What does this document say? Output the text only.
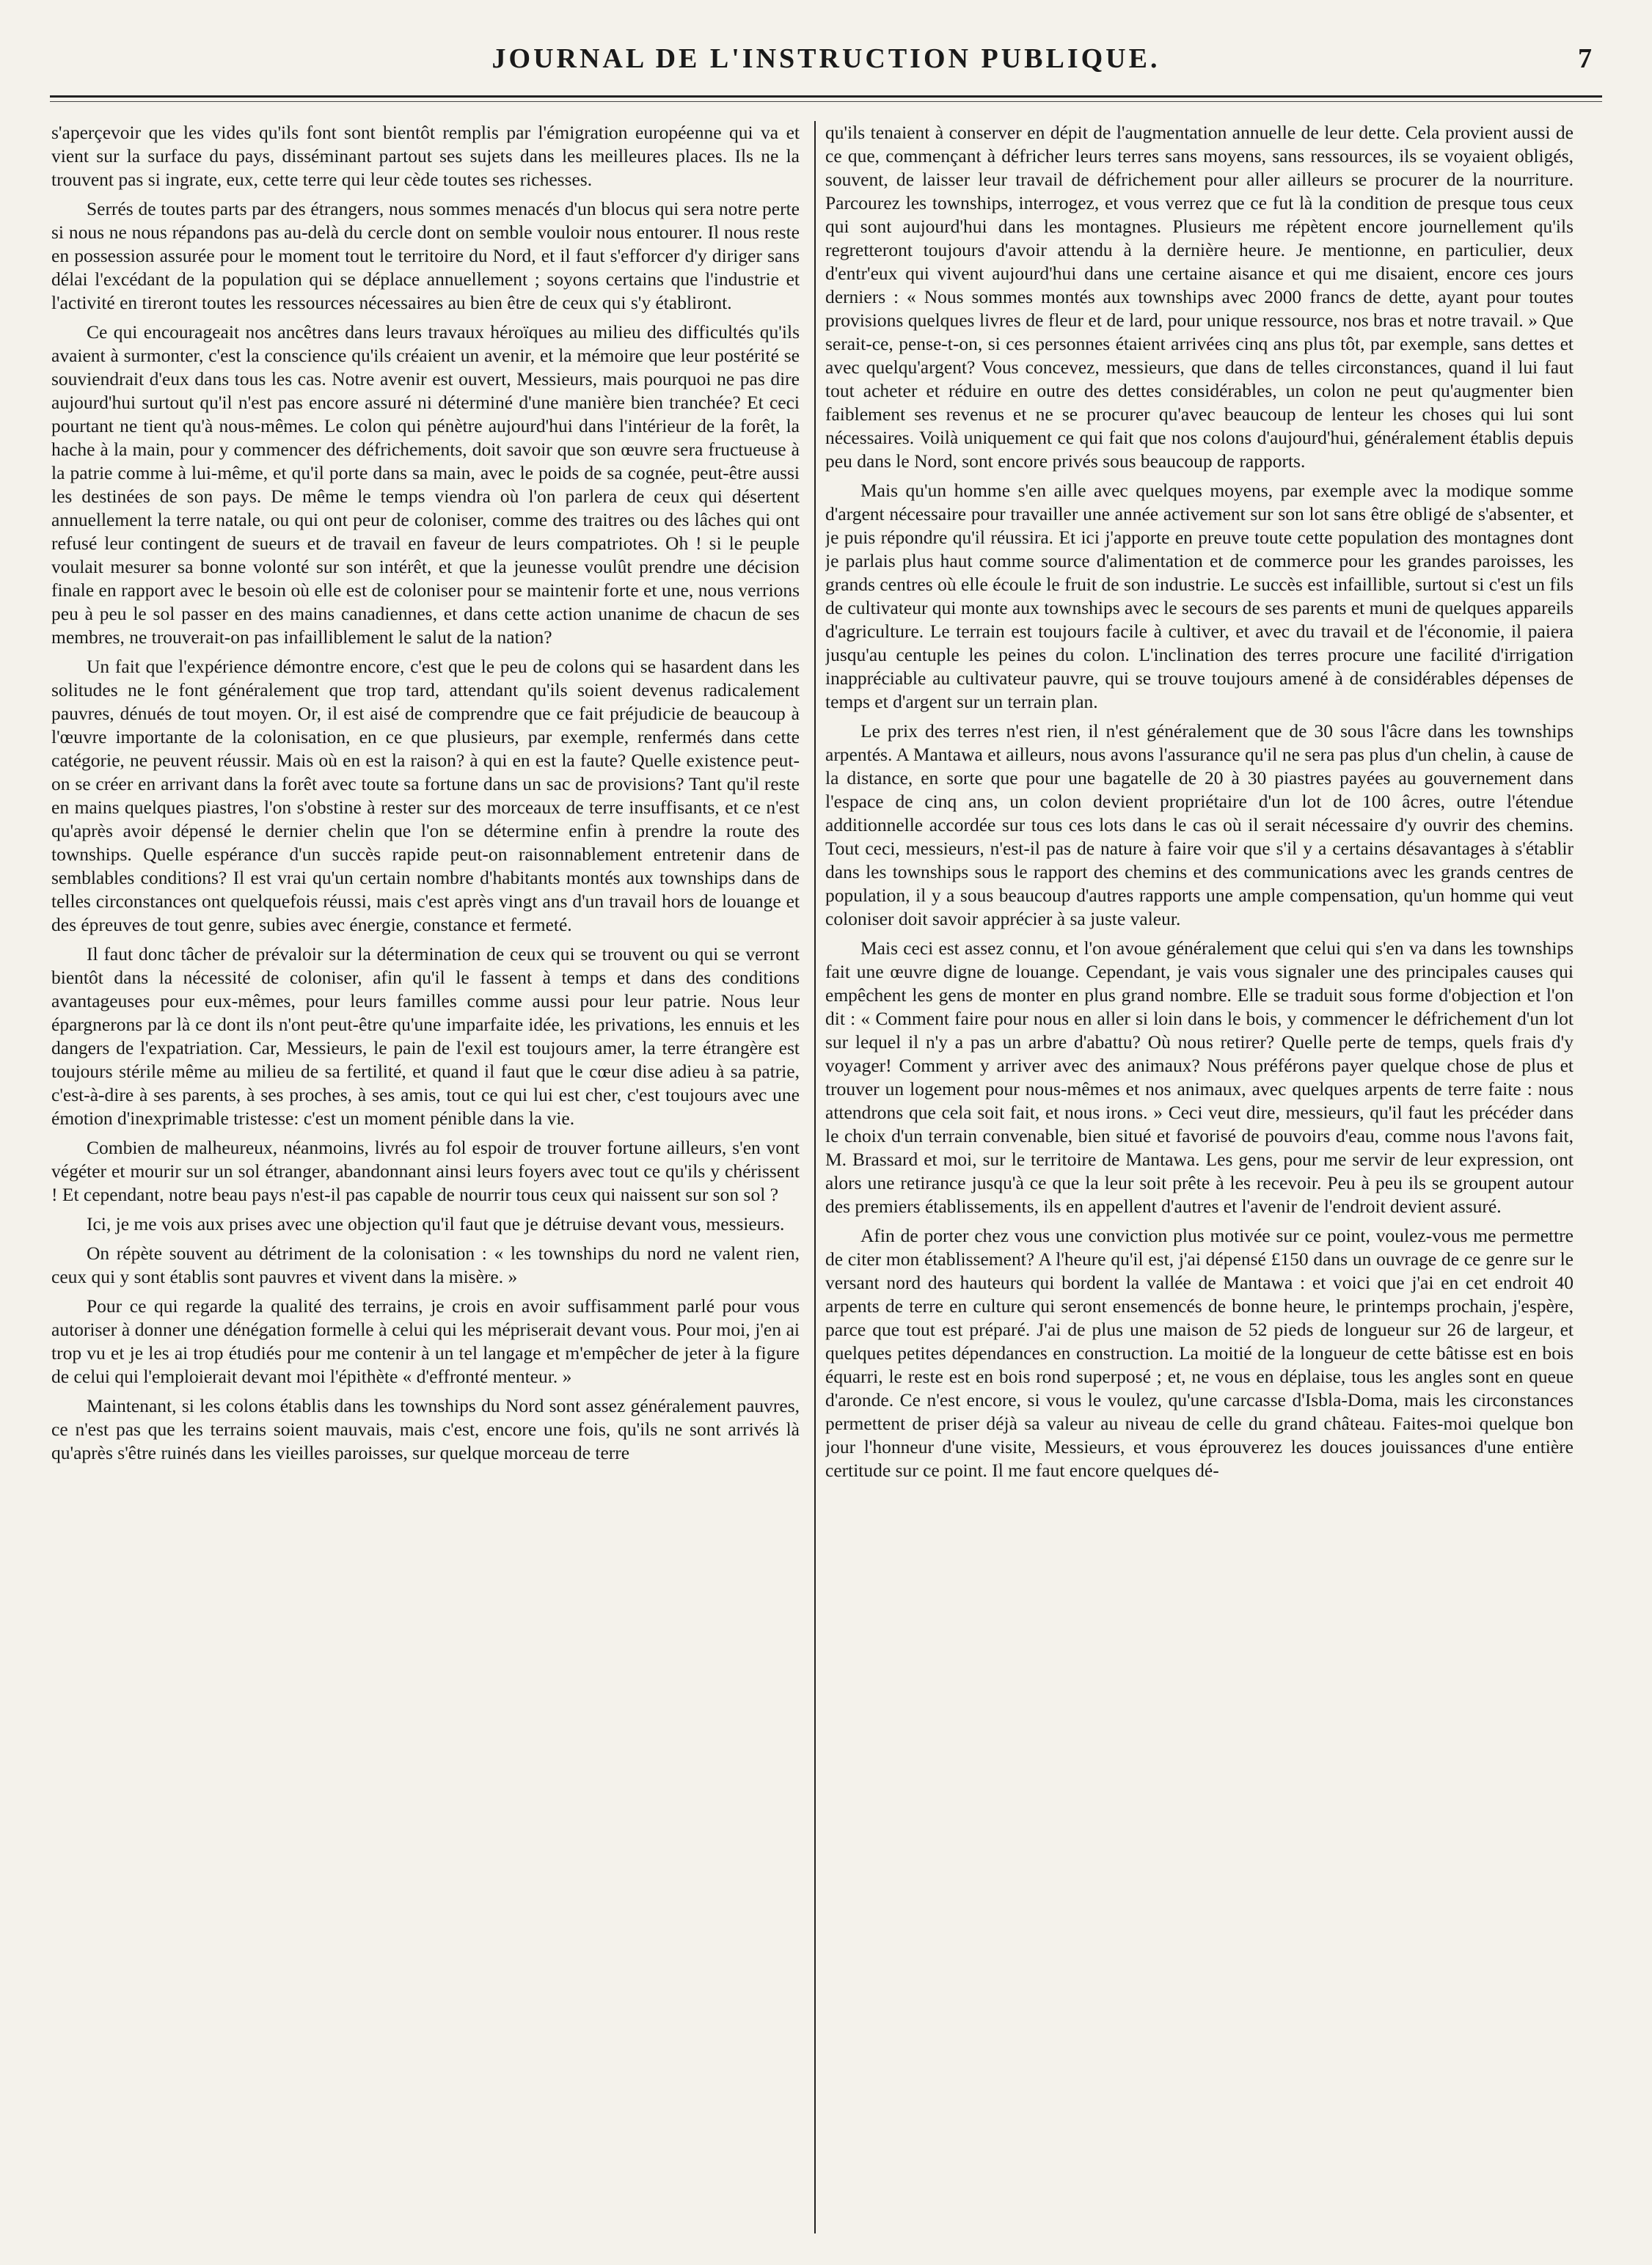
JOURNAL DE L'INSTRUCTION PUBLIQUE.	7

s'aperçevoir que les vides qu'ils font sont bientôt remplis par l'émigration européenne qui va et vient sur la surface du pays, disséminant partout ses sujets dans les meilleures places. Ils ne la trouvent pas si ingrate, eux, cette terre qui leur cède toutes ses richesses.

Serrés de toutes parts par des étrangers, nous sommes menacés d'un blocus qui sera notre perte si nous ne nous répandons pas au-delà du cercle dont on semble vouloir nous entourer. Il nous reste en possession assurée pour le moment tout le territoire du Nord, et il faut s'efforcer d'y diriger sans délai l'excédant de la population qui se déplace annuellement ; soyons certains que l'industrie et l'activité en tireront toutes les ressources nécessaires au bien être de ceux qui s'y établiront.

Ce qui encourageait nos ancêtres dans leurs travaux héroïques au milieu des difficultés qu'ils avaient à surmonter, c'est la conscience qu'ils créaient un avenir, et la mémoire que leur postérité se souviendrait d'eux dans tous les cas. Notre avenir est ouvert, Messieurs, mais pourquoi ne pas dire aujourd'hui surtout qu'il n'est pas encore assuré ni déterminé d'une manière bien tranchée? Et ceci pourtant ne tient qu'à nous-mêmes. Le colon qui pénètre aujourd'hui dans l'intérieur de la forêt, la hache à la main, pour y commencer des défrichements, doit savoir que son œuvre sera fructueuse à la patrie comme à lui-même, et qu'il porte dans sa main, avec le poids de sa cognée, peut-être aussi les destinées de son pays. De même le temps viendra où l'on parlera de ceux qui désertent annuellement la terre natale, ou qui ont peur de coloniser, comme des traitres ou des lâches qui ont refusé leur contingent de sueurs et de travail en faveur de leurs compatriotes. Oh ! si le peuple voulait mesurer sa bonne volonté sur son intérêt, et que la jeunesse voulût prendre une décision finale en rapport avec le besoin où elle est de coloniser pour se maintenir forte et une, nous verrions peu à peu le sol passer en des mains canadiennes, et dans cette action unanime de chacun de ses membres, ne trouverait-on pas infailliblement le salut de la nation?

Un fait que l'expérience démontre encore, c'est que le peu de colons qui se hasardent dans les solitudes ne le font généralement que trop tard, attendant qu'ils soient devenus radicalement pauvres, dénués de tout moyen. Or, il est aisé de comprendre que ce fait préjudicie de beaucoup à l'œuvre importante de la colonisation, en ce que plusieurs, par exemple, renfermés dans cette catégorie, ne peuvent réussir. Mais où en est la raison? à qui en est la faute? Quelle existence peut-on se créer en arrivant dans la forêt avec toute sa fortune dans un sac de provisions? Tant qu'il reste en mains quelques piastres, l'on s'obstine à rester sur des morceaux de terre insuffisants, et ce n'est qu'après avoir dépensé le dernier chelin que l'on se détermine enfin à prendre la route des townships. Quelle espérance d'un succès rapide peut-on raisonnablement entretenir dans de semblables conditions? Il est vrai qu'un certain nombre d'habitants montés aux townships dans de telles circonstances ont quelquefois réussi, mais c'est après vingt ans d'un travail hors de louange et des épreuves de tout genre, subies avec énergie, constance et fermeté.

Il faut donc tâcher de prévaloir sur la détermination de ceux qui se trouvent ou qui se verront bientôt dans la nécessité de coloniser, afin qu'il le fassent à temps et dans des conditions avantageuses pour eux-mêmes, pour leurs familles comme aussi pour leur patrie. Nous leur épargnerons par là ce dont ils n'ont peut-être qu'une imparfaite idée, les privations, les ennuis et les dangers de l'expatriation. Car, Messieurs, le pain de l'exil est toujours amer, la terre étrangère est toujours stérile même au milieu de sa fertilité, et quand il faut que le cœur dise adieu à sa patrie, c'est-à-dire à ses parents, à ses proches, à ses amis, tout ce qui lui est cher, c'est toujours avec une émotion d'inexprimable tristesse: c'est un moment pénible dans la vie.

Combien de malheureux, néanmoins, livrés au fol espoir de trouver fortune ailleurs, s'en vont végéter et mourir sur un sol étranger, abandonnant ainsi leurs foyers avec tout ce qu'ils y chérissent ! Et cependant, notre beau pays n'est-il pas capable de nourrir tous ceux qui naissent sur son sol ?

Ici, je me vois aux prises avec une objection qu'il faut que je détruise devant vous, messieurs.

On répète souvent au détriment de la colonisation : « les townships du nord ne valent rien, ceux qui y sont établis sont pauvres et vivent dans la misère. »

Pour ce qui regarde la qualité des terrains, je crois en avoir suffisamment parlé pour vous autoriser à donner une dénégation formelle à celui qui les mépriserait devant vous. Pour moi, j'en ai trop vu et je les ai trop étudiés pour me contenir à un tel langage et m'empêcher de jeter à la figure de celui qui l'emploierait devant moi l'épithète « d'effronté menteur. »

Maintenant, si les colons établis dans les townships du Nord sont assez généralement pauvres, ce n'est pas que les terrains soient mauvais, mais c'est, encore une fois, qu'ils ne sont arrivés là qu'après s'être ruinés dans les vieilles paroisses, sur quelque morceau de terre

qu'ils tenaient à conserver en dépit de l'augmentation annuelle de leur dette. Cela provient aussi de ce que, commençant à défricher leurs terres sans moyens, sans ressources, ils se voyaient obligés, souvent, de laisser leur travail de défrichement pour aller ailleurs se procurer de la nourriture. Parcourez les townships, interrogez, et vous verrez que ce fut là la condition de presque tous ceux qui sont aujourd'hui dans les montagnes. Plusieurs me répètent encore journellement qu'ils regretteront toujours d'avoir attendu à la dernière heure. Je mentionne, en particulier, deux d'entr'eux qui vivent aujourd'hui dans une certaine aisance et qui me disaient, encore ces jours derniers : « Nous sommes montés aux townships avec 2000 francs de dette, ayant pour toutes provisions quelques livres de fleur et de lard, pour unique ressource, nos bras et notre travail. » Que serait-ce, pense-t-on, si ces personnes étaient arrivées cinq ans plus tôt, par exemple, sans dettes et avec quelqu'argent? Vous concevez, messieurs, que dans de telles circonstances, quand il lui faut tout acheter et réduire en outre des dettes considérables, un colon ne peut qu'augmenter bien faiblement ses revenus et ne se procurer qu'avec beaucoup de lenteur les choses qui lui sont nécessaires. Voilà uniquement ce qui fait que nos colons d'aujourd'hui, généralement établis depuis peu dans le Nord, sont encore privés sous beaucoup de rapports.

Mais qu'un homme s'en aille avec quelques moyens, par exemple avec la modique somme d'argent nécessaire pour travailler une année activement sur son lot sans être obligé de s'absenter, et je puis répondre qu'il réussira. Et ici j'apporte en preuve toute cette population des montagnes dont je parlais plus haut comme source d'alimentation et de commerce pour les grandes paroisses, les grands centres où elle écoule le fruit de son industrie. Le succès est infaillible, surtout si c'est un fils de cultivateur qui monte aux townships avec le secours de ses parents et muni de quelques appareils d'agriculture. Le terrain est toujours facile à cultiver, et avec du travail et de l'économie, il paiera jusqu'au centuple les peines du colon. L'inclination des terres procure une facilité d'irrigation inappréciable au cultivateur pauvre, qui se trouve toujours amené à de considérables dépenses de temps et d'argent sur un terrain plan.

Le prix des terres n'est rien, il n'est généralement que de 30 sous l'âcre dans les townships arpentés. A Mantawa et ailleurs, nous avons l'assurance qu'il ne sera pas plus d'un chelin, à cause de la distance, en sorte que pour une bagatelle de 20 à 30 piastres payées au gouvernement dans l'espace de cinq ans, un colon devient propriétaire d'un lot de 100 âcres, outre l'étendue additionnelle accordée sur tous ces lots dans le cas où il serait nécessaire d'y ouvrir des chemins. Tout ceci, messieurs, n'est-il pas de nature à faire voir que s'il y a certains désavantages à s'établir dans les townships sous le rapport des chemins et des communications avec les grands centres de population, il y a sous beaucoup d'autres rapports une ample compensation, qu'un homme qui veut coloniser doit savoir apprécier à sa juste valeur.

Mais ceci est assez connu, et l'on avoue généralement que celui qui s'en va dans les townships fait une œuvre digne de louange. Cependant, je vais vous signaler une des principales causes qui empêchent les gens de monter en plus grand nombre. Elle se traduit sous forme d'objection et l'on dit : « Comment faire pour nous en aller si loin dans le bois, y commencer le défrichement d'un lot sur lequel il n'y a pas un arbre d'abattu? Où nous retirer? Quelle perte de temps, quels frais d'y voyager! Comment y arriver avec des animaux? Nous préférons payer quelque chose de plus et trouver un logement pour nous-mêmes et nos animaux, avec quelques arpents de terre faite : nous attendrons que cela soit fait, et nous irons. » Ceci veut dire, messieurs, qu'il faut les précéder dans le choix d'un terrain convenable, bien situé et favorisé de pouvoirs d'eau, comme nous l'avons fait, M. Brassard et moi, sur le territoire de Mantawa. Les gens, pour me servir de leur expression, ont alors une retirance jusqu'à ce que la leur soit prête à les recevoir. Peu à peu ils se groupent autour des premiers établissements, ils en appellent d'autres et l'avenir de l'endroit devient assuré.

Afin de porter chez vous une conviction plus motivée sur ce point, voulez-vous me permettre de citer mon établissement? A l'heure qu'il est, j'ai dépensé £150 dans un ouvrage de ce genre sur le versant nord des hauteurs qui bordent la vallée de Mantawa : et voici que j'ai en cet endroit 40 arpents de terre en culture qui seront ensemencés de bonne heure, le printemps prochain, j'espère, parce que tout est préparé. J'ai de plus une maison de 52 pieds de longueur sur 26 de largeur, et quelques petites dépendances en construction. La moitié de la longueur de cette bâtisse est en bois équarri, le reste est en bois rond superposé ; et, ne vous en déplaise, tous les angles sont en queue d'aronde. Ce n'est encore, si vous le voulez, qu'une carcasse d'Isbla-Doma, mais les circonstances permettent de priser déjà sa valeur au niveau de celle du grand château. Faites-moi quelque bon jour l'honneur d'une visite, Messieurs, et vous éprouverez les douces jouissances d'une entière certitude sur ce point. Il me faut encore quelques dé-
